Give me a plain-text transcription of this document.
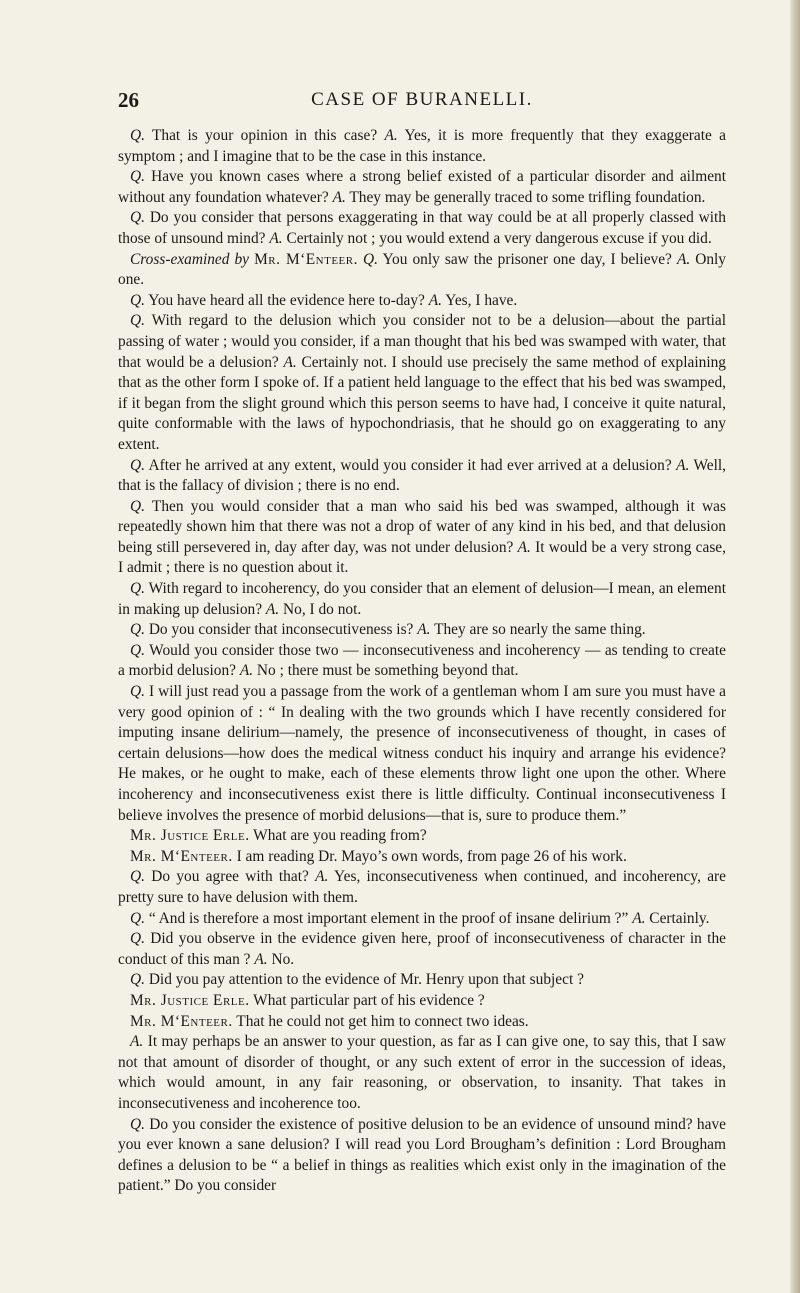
26	CASE OF BURANELLI.

Q. That is your opinion in this case? A. Yes, it is more frequently that they exaggerate a symptom ; and I imagine that to be the case in this instance.

Q. Have you known cases where a strong belief existed of a particular disorder and ailment without any foundation whatever? A. They may be generally traced to some trifling foundation.

Q. Do you consider that persons exaggerating in that way could be at all properly classed with those of unsound mind? A. Certainly not ; you would extend a very dangerous excuse if you did.

Cross-examined by Mr. M‘Enteer. Q. You only saw the prisoner one day, I believe? A. Only one.

Q. You have heard all the evidence here to-day? A. Yes, I have.

Q. With regard to the delusion which you consider not to be a delusion—about the partial passing of water ; would you consider, if a man thought that his bed was swamped with water, that that would be a delusion? A. Certainly not. I should use precisely the same method of explaining that as the other form I spoke of. If a patient held language to the effect that his bed was swamped, if it began from the slight ground which this person seems to have had, I conceive it quite natural, quite conformable with the laws of hypochondriasis, that he should go on exaggerating to any extent.

Q. After he arrived at any extent, would you consider it had ever arrived at a delusion? A. Well, that is the fallacy of division ; there is no end.

Q. Then you would consider that a man who said his bed was swamped, although it was repeatedly shown him that there was not a drop of water of any kind in his bed, and that delusion being still persevered in, day after day, was not under delusion? A. It would be a very strong case, I admit ; there is no question about it.

Q. With regard to incoherency, do you consider that an element of delusion—I mean, an element in making up delusion? A. No, I do not.

Q. Do you consider that inconsecutiveness is? A. They are so nearly the same thing.

Q. Would you consider those two — inconsecutiveness and incoherency — as tending to create a morbid delusion? A. No ; there must be something beyond that.

Q. I will just read you a passage from the work of a gentleman whom I am sure you must have a very good opinion of : “ In dealing with the two grounds which I have recently considered for imputing insane delirium—namely, the presence of inconsecutiveness of thought, in cases of certain delusions—how does the medical witness conduct his inquiry and arrange his evidence? He makes, or he ought to make, each of these elements throw light one upon the other. Where incoherency and inconsecutiveness exist there is little difficulty. Continual inconsecutiveness I believe involves the presence of morbid delusions—that is, sure to produce them.”

Mr. Justice Erle. What are you reading from?

Mr. M‘Enteer. I am reading Dr. Mayo’s own words, from page 26 of his work.

Q. Do you agree with that? A. Yes, inconsecutiveness when continued, and incoherency, are pretty sure to have delusion with them.

Q. “ And is therefore a most important element in the proof of insane delirium ?” A. Certainly.

Q. Did you observe in the evidence given here, proof of inconsecutiveness of character in the conduct of this man ? A. No.

Q. Did you pay attention to the evidence of Mr. Henry upon that subject ?

Mr. Justice Erle. What particular part of his evidence ?

Mr. M‘Enteer. That he could not get him to connect two ideas.

A. It may perhaps be an answer to your question, as far as I can give one, to say this, that I saw not that amount of disorder of thought, or any such extent of error in the succession of ideas, which would amount, in any fair reasoning, or observation, to insanity. That takes in inconsecutiveness and incoherence too.

Q. Do you consider the existence of positive delusion to be an evidence of unsound mind? have you ever known a sane delusion? I will read you Lord Brougham’s definition : Lord Brougham defines a delusion to be “ a belief in things as realities which exist only in the imagination of the patient.” Do you consider
